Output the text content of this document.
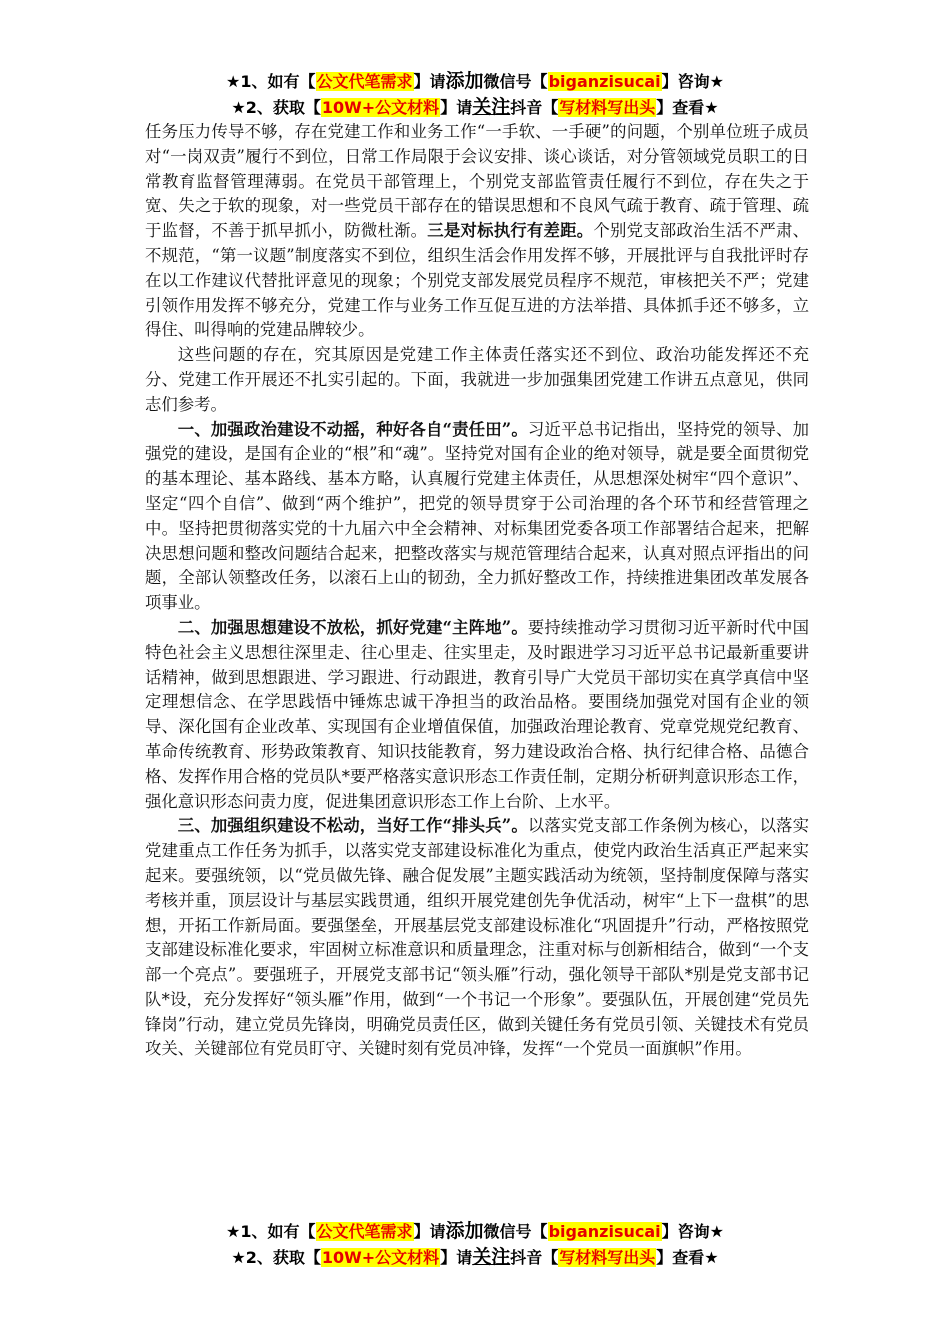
★1、如有【公文代笔需求】请添加微信号【biganzisucai】咨询★
★2、获取【10W+公文材料】请关注抖音【写材料写出头】查看★

任务压力传导不够，存在党建工作和业务工作“一手软、一手硬”的问题，个别单位班子成员对“一岗双责”履行不到位，日常工作局限于会议安排、谈心谈话，对分管领域党员职工的日常教育监督管理薄弱。在党员干部管理上，个别党支部监管责任履行不到位，存在失之于宽、失之于软的现象，对一些党员干部存在的错误思想和不良风气疏于教育、疏于管理、疏于监督，不善于抓早抓小，防微杜渐。三是对标执行有差距。个别党支部政治生活不严肃、不规范，“第一议题”制度落实不到位，组织生活会作用发挥不够，开展批评与自我批评时存在以工作建议代替批评意见的现象；个别党支部发展党员程序不规范，审核把关不严；党建引领作用发挥不够充分，党建工作与业务工作互促互进的方法举措、具体抓手还不够多，立得住、叫得响的党建品牌较少。

这些问题的存在，究其原因是党建工作主体责任落实还不到位、政治功能发挥还不充分、党建工作开展还不扎实引起的。下面，我就进一步加强集团党建工作讲五点意见，供同志们参考。

一、加强政治建设不动摇，种好各自“责任田”。习近平总书记指出，坚持党的领导、加强党的建设，是国有企业的“根”和“魂”。坚持党对国有企业的绝对领导，就是要全面贯彻党的基本理论、基本路线、基本方略，认真履行党建主体责任，从思想深处树牢“四个意识”、坚定“四个自信”、做到“两个维护”，把党的领导贯穿于公司治理的各个环节和经营管理之中。坚持把贯彻落实党的十九届六中全会精神、对标集团党委各项工作部署结合起来，把解决思想问题和整改问题结合起来，把整改落实与规范管理结合起来，认真对照点评指出的问题，全部认领整改任务，以滚石上山的韧劲，全力抓好整改工作，持续推进集团改革发展各项事业。

二、加强思想建设不放松，抓好党建“主阵地”。要持续推动学习贯彻习近平新时代中国特色社会主义思想往深里走、往心里走、往实里走，及时跟进学习习近平总书记最新重要讲话精神，做到思想跟进、学习跟进、行动跟进，教育引导广大党员干部切实在真学真信中坚定理想信念、在学思践悟中锤炼忠诚干净担当的政治品格。要围绕加强党对国有企业的领导、深化国有企业改革、实现国有企业增值保值，加强政治理论教育、党章党规党纪教育、革命传统教育、形势政策教育、知识技能教育，努力建设政治合格、执行纪律合格、品德合格、发挥作用合格的党员队*要严格落实意识形态工作责任制，定期分析研判意识形态工作，强化意识形态问责力度，促进集团意识形态工作上台阶、上水平。

三、加强组织建设不松动，当好工作“排头兵”。以落实党支部工作条例为核心，以落实党建重点工作任务为抓手，以落实党支部建设标准化为重点，使党内政治生活真正严起来实起来。要强统领，以“党员做先锋、融合促发展”主题实践活动为统领，坚持制度保障与落实考核并重，顶层设计与基层实践贯通，组织开展党建创先争优活动，树牢“上下一盘棋”的思想，开拓工作新局面。要强堡垒，开展基层党支部建设标准化“巩固提升”行动，严格按照党支部建设标准化要求，牢固树立标准意识和质量理念，注重对标与创新相结合，做到“一个支部一个亮点”。要强班子，开展党支部书记“领头雁”行动，强化领导干部队*别是党支部书记队*设，充分发挥好“领头雁”作用，做到“一个书记一个形象”。要强队伍，开展创建“党员先锋岗”行动，建立党员先锋岗，明确党员责任区，做到关键任务有党员引领、关键技术有党员攻关、关键部位有党员盯守、关键时刻有党员冲锋，发挥“一个党员一面旗帜”作用。

★1、如有【公文代笔需求】请添加微信号【biganzisucai】咨询★
★2、获取【10W+公文材料】请关注抖音【写材料写出头】查看★
